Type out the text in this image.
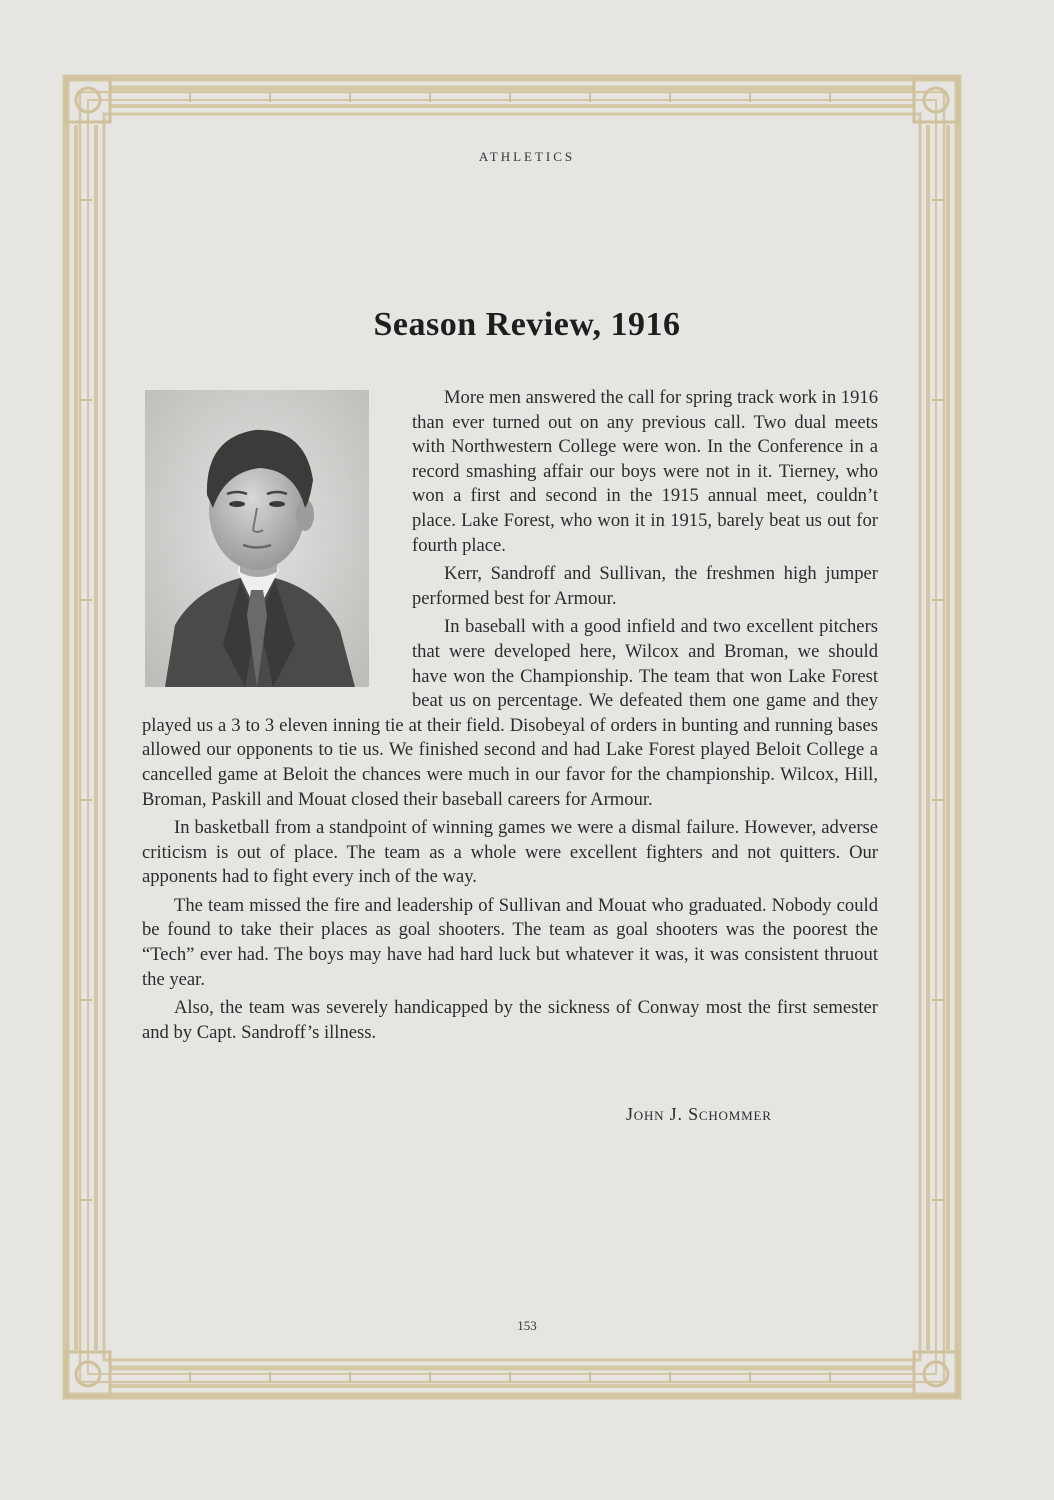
ATHLETICS
Season Review, 1916

More men answered the call for spring track work in 1916 than ever turned out on any previous call. Two dual meets with Northwestern College were won. In the Conference in a record smashing affair our boys were not in it. Tierney, who won a first and second in the 1915 annual meet, couldn’t place. Lake Forest, who won it in 1915, barely beat us out for fourth place.

Kerr, Sandroff and Sullivan, the freshmen high jumper performed best for Armour.

In baseball with a good infield and two excellent pitchers that were developed here, Wilcox and Broman, we should have won the Championship. The team that won Lake Forest beat us on percentage. We defeated them one game and they played us a 3 to 3 eleven inning tie at their field. Disobeyal of orders in bunting and running bases allowed our opponents to tie us. We finished second and had Lake Forest played Beloit College a cancelled game at Beloit the chances were much in our favor for the championship. Wilcox, Hill, Broman, Paskill and Mouat closed their baseball careers for Armour.

In basketball from a standpoint of winning games we were a dismal failure. However, adverse criticism is out of place. The team as a whole were excellent fighters and not quitters. Our apponents had to fight every inch of the way.

The team missed the fire and leadership of Sullivan and Mouat who graduated. Nobody could be found to take their places as goal shooters. The team as goal shooters was the poorest the “Tech” ever had. The boys may have had hard luck but whatever it was, it was consistent thruout the year.

Also, the team was severely handicapped by the sickness of Conway most the first semester and by Capt. Sandroff’s illness.

John J. Schommer
153
